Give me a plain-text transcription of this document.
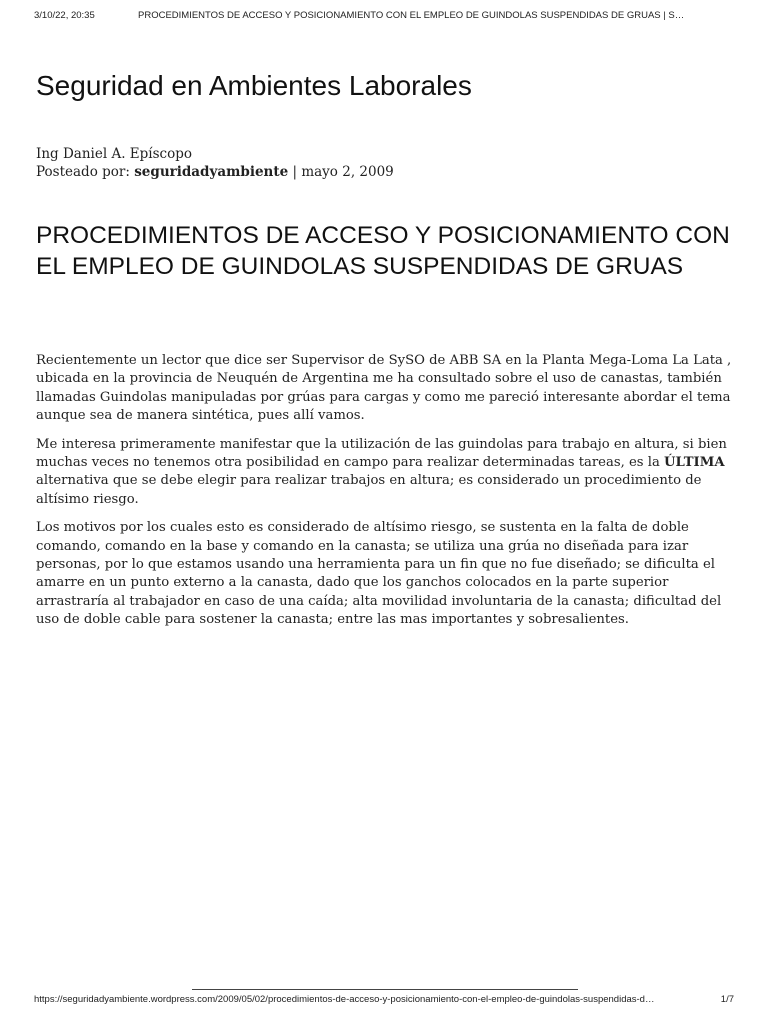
3/10/22, 20:35	PROCEDIMIENTOS DE ACCESO Y POSICIONAMIENTO CON EL EMPLEO DE GUINDOLAS SUSPENDIDAS DE GRUAS | S…
Seguridad en Ambientes Laborales
Ing Daniel A. Epíscopo
Posteado por: seguridadyambiente | mayo 2, 2009
PROCEDIMIENTOS DE ACCESO Y POSICIONAMIENTO CON EL EMPLEO DE GUINDOLAS SUSPENDIDAS DE GRUAS

Recientemente un lector que dice ser Supervisor de SySO de ABB SA en la Planta Mega-Loma La Lata , ubicada en la provincia de Neuquén de Argentina me ha consultado sobre el uso de canastas, también llamadas Guindolas manipuladas por grúas para cargas y como me pareció interesante abordar el tema aunque sea de manera sintética, pues allí vamos.

Me interesa primeramente manifestar que la utilización de las guindolas para trabajo en altura, si bien muchas veces no tenemos otra posibilidad en campo para realizar determinadas tareas, es la ÚLTIMA alternativa que se debe elegir para realizar trabajos en altura; es considerado un procedimiento de altísimo riesgo.

Los motivos por los cuales esto es considerado de altísimo riesgo, se sustenta en la falta de doble comando, comando en la base y comando en la canasta; se utiliza una grúa no diseñada para izar personas, por lo que estamos usando una herramienta para un fin que no fue diseñado; se dificulta el amarre en un punto externo a la canasta, dado que los ganchos colocados en la parte superior arrastraría al trabajador en caso de una caída; alta movilidad involuntaria de la canasta; dificultad del uso de doble cable para sostener la canasta; entre las mas importantes y sobresalientes.

https://seguridadyambiente.wordpress.com/2009/05/02/procedimientos-de-acceso-y-posicionamiento-con-el-empleo-de-guindolas-suspendidas-d…	1/7
